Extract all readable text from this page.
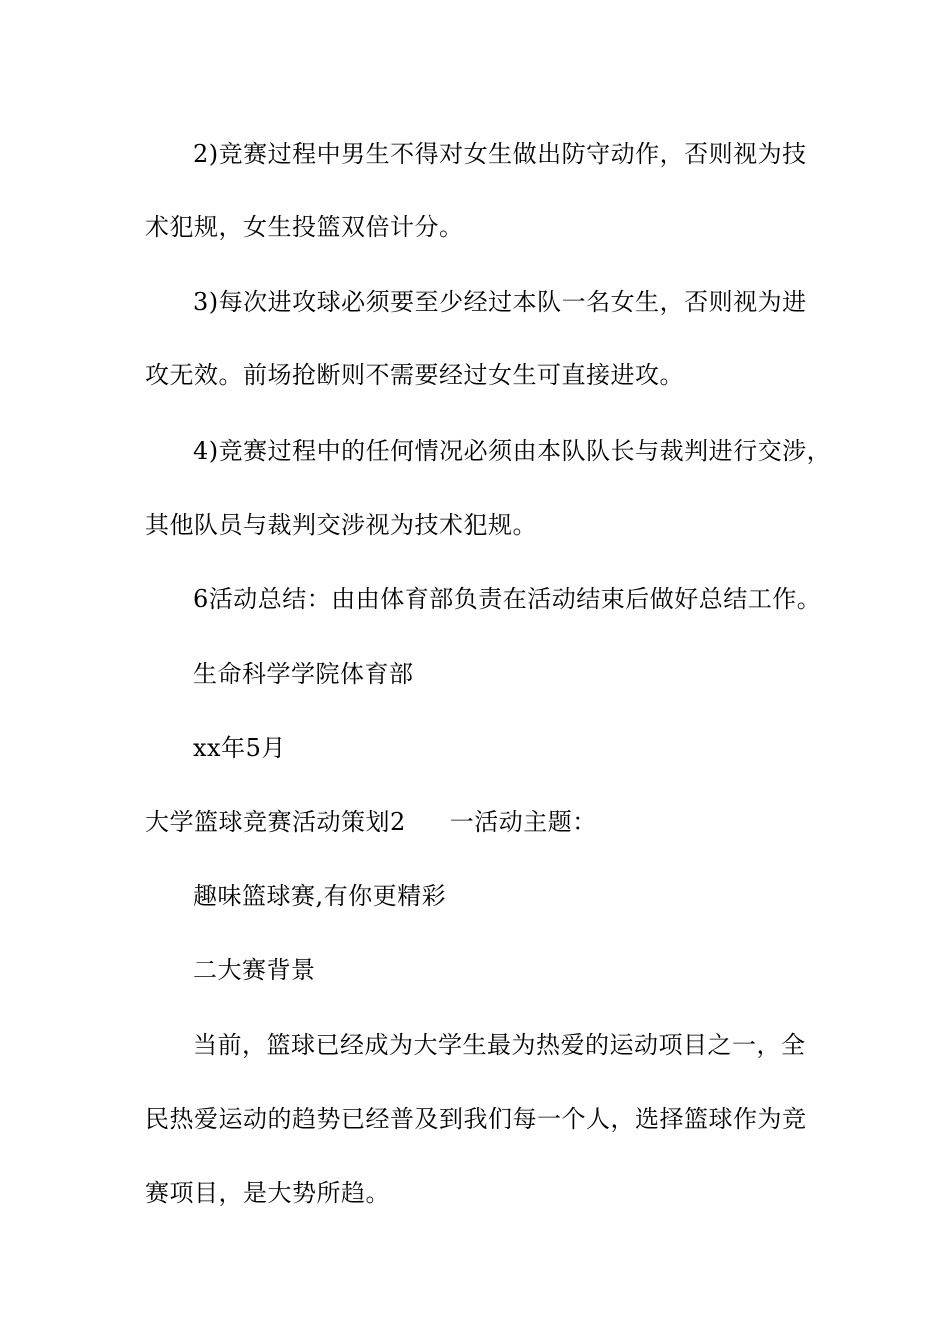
2)竞赛过程中男生不得对女生做出防守动作，否则视为技
术犯规，女生投篮双倍计分。
3)每次进攻球必须要至少经过本队一名女生，否则视为进
攻无效。前场抢断则不需要经过女生可直接进攻。
4)竞赛过程中的任何情况必须由本队队长与裁判进行交涉，
其他队员与裁判交涉视为技术犯规。
6活动总结：由由体育部负责在活动结束后做好总结工作。
生命科学学院体育部
xx年5月
大学篮球竞赛活动策划2 一活动主题：
趣味篮球赛,有你更精彩
二大赛背景
当前，篮球已经成为大学生最为热爱的运动项目之一，全
民热爱运动的趋势已经普及到我们每一个人，选择篮球作为竞
赛项目，是大势所趋。
